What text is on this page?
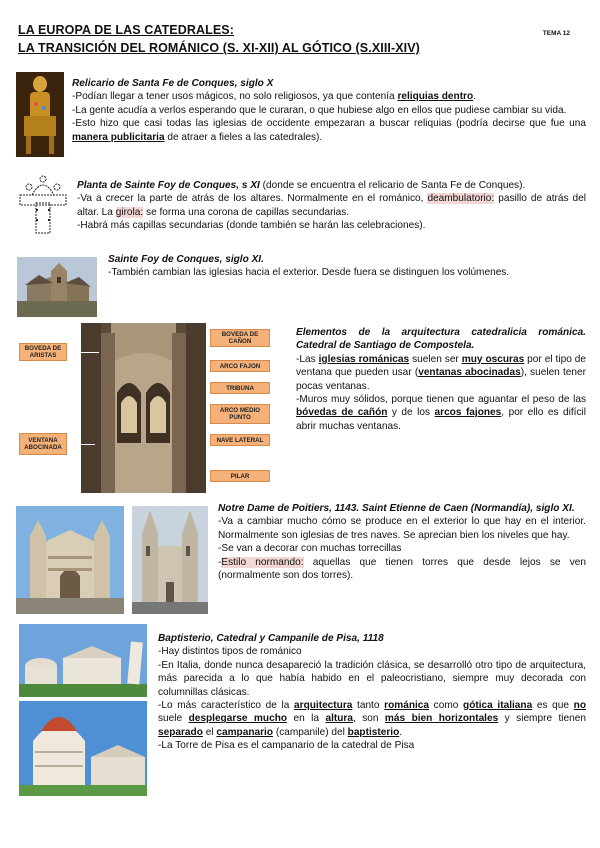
LA EUROPA DE LAS CATEDRALES:
LA TRANSICIÓN DEL ROMÁNICO (S. XI-XII) AL GÓTICO (S.XIII-XIV)
TEMA 12

Relicario de Santa Fe de Conques, siglo X

-Podían llegar a tener usos mágicos, no solo religiosos, ya que contenía reliquias dentro.

-La gente acudía a verlos esperando que le curaran, o que hubiese algo en ellos que pudiese cambiar su vida.

-Esto hizo que casi todas las iglesias de occidente empezaran a buscar reliquias (podría decirse que fue una manera publicitaria de atraer a fieles a las catedrales).

Planta de Sainte Foy de Conques, s XI (donde se encuentra el relicario de Santa Fe de Conques).

-Va a crecer la parte de atrás de los altares. Normalmente en el románico, deambulatorio: pasillo de atrás del altar. La girola: se forma una corona de capillas secundarias.

-Habrá más capillas secundarias (donde también se harán las celebraciones).

Sainte Foy de Conques, siglo XI.

-También cambian las iglesias hacia el exterior. Desde fuera se distinguen los volúmenes.

BOVEDA DE ARISTAS
VENTANA ABOCINADA
BOVEDA DE CAÑON
ARCO FAJON
TRIBUNA
ARCO MEDIO PUNTO
NAVE LATERAL
PILAR

Elementos de la arquitectura catedralicia románica. Catedral de Santiago de Compostela.

-Las iglesias románicas suelen ser muy oscuras por el tipo de ventana que pueden usar (ventanas abocinadas), suelen tener pocas ventanas.

-Muros muy sólidos, porque tienen que aguantar el peso de las bóvedas de cañón y de los arcos fajones, por ello es difícil abrir muchas ventanas.

Notre Dame de Poitiers, 1143. Saint Etienne de Caen (Normandía), siglo XI.

-Va a cambiar mucho cómo se produce en el exterior lo que hay en el interior. Normalmente son iglesias de tres naves. Se aprecian bien los niveles que hay.

-Se van a decorar con muchas torrecillas

-Estilo normando: aquellas que tienen torres que desde lejos se ven (normalmente son dos torres).

Baptisterio, Catedral y Campanile de Pisa, 1118

-Hay distintos tipos de románico

-En Italia, donde nunca desapareció la tradición clásica, se desarrolló otro tipo de arquitectura, más parecida a lo que había habido en el paleocristiano, siempre muy decorada con columnillas clásicas.

-Lo más característico de la arquitectura tanto románica como gótica italiana es que no suele desplegarse mucho en la altura, son más bien horizontales y siempre tienen separado el campanario (campanile) del baptisterio.

-La Torre de Pisa es el campanario de la catedral de Pisa
